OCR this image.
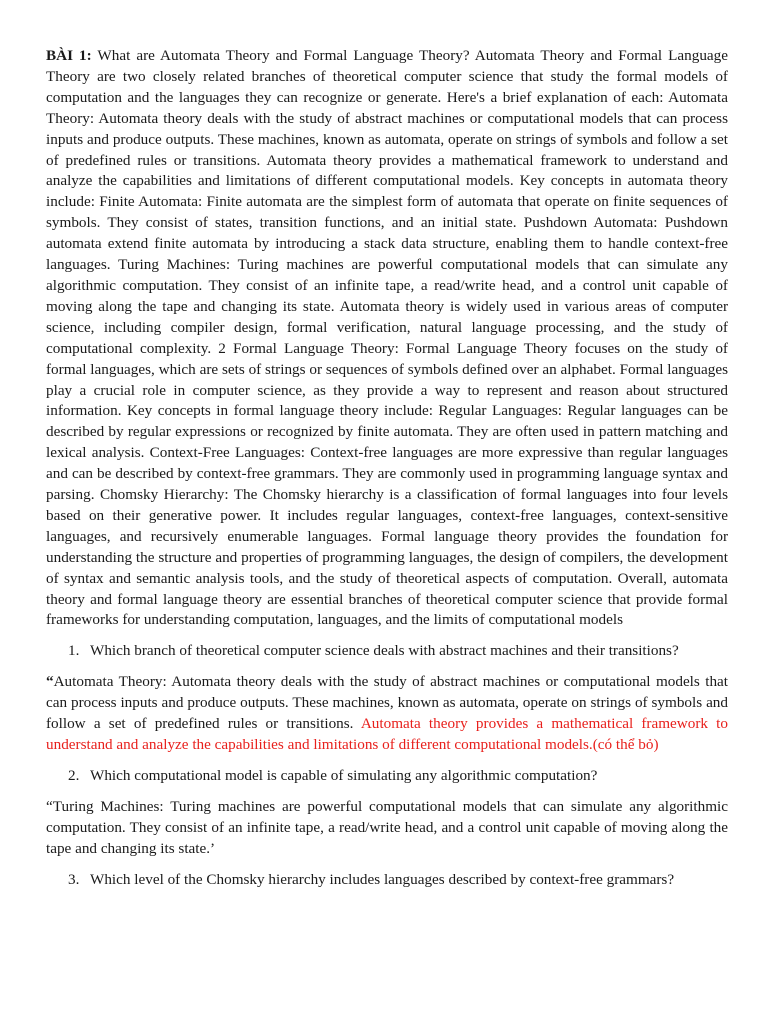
BÀI 1: What are Automata Theory and Formal Language Theory? Automata Theory and Formal Language Theory are two closely related branches of theoretical computer science that study the formal models of computation and the languages they can recognize or generate. Here's a brief explanation of each: Automata Theory: Automata theory deals with the study of abstract machines or computational models that can process inputs and produce outputs. These machines, known as automata, operate on strings of symbols and follow a set of predefined rules or transitions. Automata theory provides a mathematical framework to understand and analyze the capabilities and limitations of different computational models. Key concepts in automata theory include: Finite Automata: Finite automata are the simplest form of automata that operate on finite sequences of symbols. They consist of states, transition functions, and an initial state. Pushdown Automata: Pushdown automata extend finite automata by introducing a stack data structure, enabling them to handle context-free languages. Turing Machines: Turing machines are powerful computational models that can simulate any algorithmic computation. They consist of an infinite tape, a read/write head, and a control unit capable of moving along the tape and changing its state. Automata theory is widely used in various areas of computer science, including compiler design, formal verification, natural language processing, and the study of computational complexity. 2 Formal Language Theory: Formal Language Theory focuses on the study of formal languages, which are sets of strings or sequences of symbols defined over an alphabet. Formal languages play a crucial role in computer science, as they provide a way to represent and reason about structured information. Key concepts in formal language theory include: Regular Languages: Regular languages can be described by regular expressions or recognized by finite automata. They are often used in pattern matching and lexical analysis. Context-Free Languages: Context-free languages are more expressive than regular languages and can be described by context-free grammars. They are commonly used in programming language syntax and parsing. Chomsky Hierarchy: The Chomsky hierarchy is a classification of formal languages into four levels based on their generative power. It includes regular languages, context-free languages, context-sensitive languages, and recursively enumerable languages. Formal language theory provides the foundation for understanding the structure and properties of programming languages, the design of compilers, the development of syntax and semantic analysis tools, and the study of theoretical aspects of computation. Overall, automata theory and formal language theory are essential branches of theoretical computer science that provide formal frameworks for understanding computation, languages, and the limits of computational models

1. Which branch of theoretical computer science deals with abstract machines and their transitions?

“Automata Theory: Automata theory deals with the study of abstract machines or computational models that can process inputs and produce outputs. These machines, known as automata, operate on strings of symbols and follow a set of predefined rules or transitions. Automata theory provides a mathematical framework to understand and analyze the capabilities and limitations of different computational models.(có thể bỏ)

2. Which computational model is capable of simulating any algorithmic computation?

“Turing Machines: Turing machines are powerful computational models that can simulate any algorithmic computation. They consist of an infinite tape, a read/write head, and a control unit capable of moving along the tape and changing its state.’

3. Which level of the Chomsky hierarchy includes languages described by context-free grammars?
